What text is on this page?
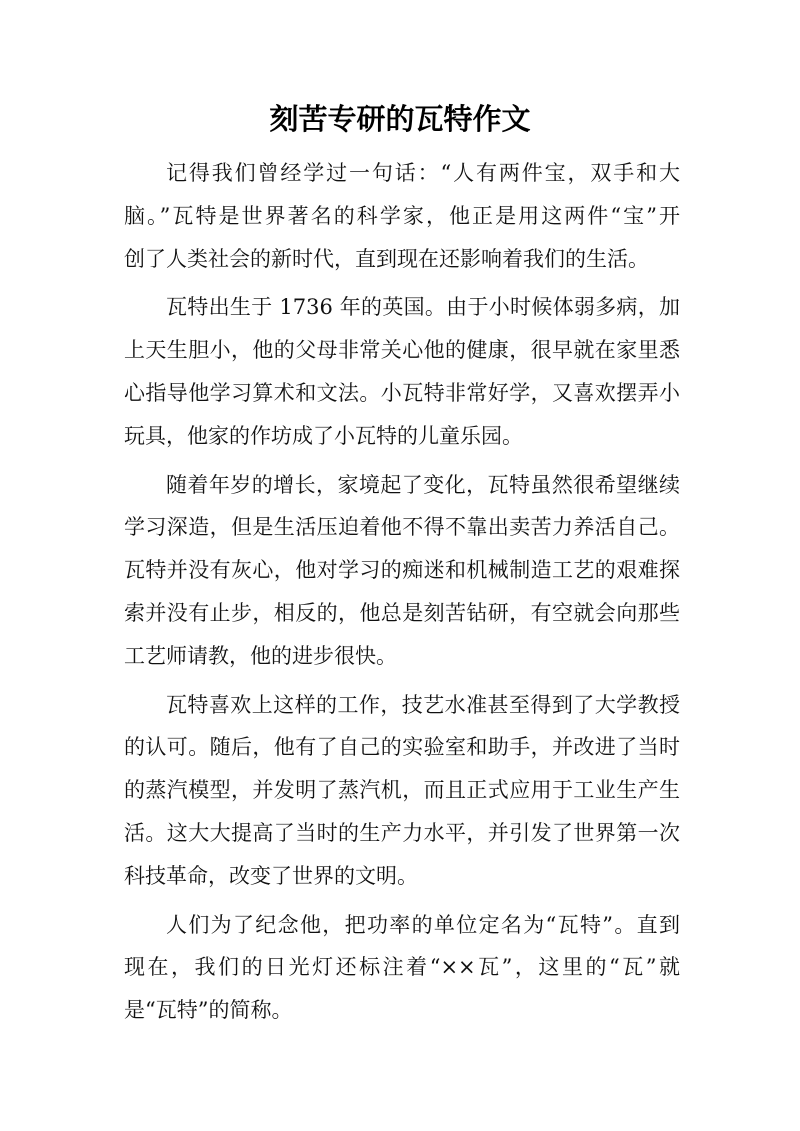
刻苦专研的瓦特作文

记得我们曾经学过一句话：“人有两件宝，双手和大
脑。”瓦特是世界著名的科学家，他正是用这两件“宝”开
创了人类社会的新时代，直到现在还影响着我们的生活。

瓦特出生于 1736 年的英国。由于小时候体弱多病，加
上天生胆小，他的父母非常关心他的健康，很早就在家里悉
心指导他学习算术和文法。小瓦特非常好学，又喜欢摆弄小
玩具，他家的作坊成了小瓦特的儿童乐园。

随着年岁的增长，家境起了变化，瓦特虽然很希望继续
学习深造，但是生活压迫着他不得不靠出卖苦力养活自己。
瓦特并没有灰心，他对学习的痴迷和机械制造工艺的艰难探
索并没有止步，相反的，他总是刻苦钻研，有空就会向那些
工艺师请教，他的进步很快。

瓦特喜欢上这样的工作，技艺水准甚至得到了大学教授
的认可。随后，他有了自己的实验室和助手，并改进了当时
的蒸汽模型，并发明了蒸汽机，而且正式应用于工业生产生
活。这大大提高了当时的生产力水平，并引发了世界第一次
科技革命，改变了世界的文明。

人们为了纪念他，把功率的单位定名为“瓦特”。直到
现在，我们的日光灯还标注着“××瓦”，这里的“瓦”就
是“瓦特”的简称。
